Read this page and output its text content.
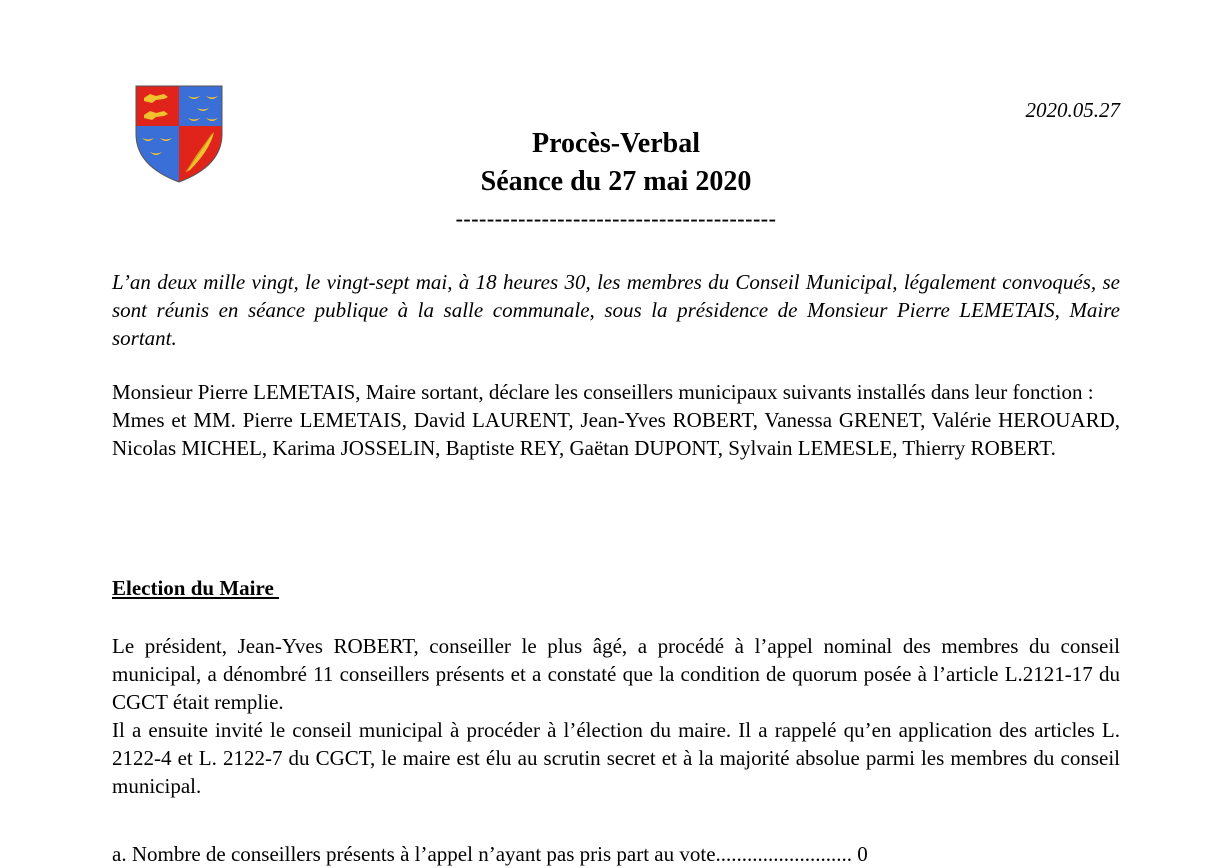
2020.05.27
Procès-Verbal
Séance du 27 mai 2020
-----------------------------------------

L’an deux mille vingt, le vingt-sept mai, à 18 heures 30, les membres du Conseil Municipal, légalement convoqués, se sont réunis en séance publique à la salle communale, sous la présidence de Monsieur Pierre LEMETAIS, Maire sortant.

Monsieur Pierre LEMETAIS, Maire sortant, déclare les conseillers municipaux suivants installés dans leur fonction :
Mmes et MM. Pierre LEMETAIS, David LAURENT, Jean-Yves ROBERT, Vanessa GRENET, Valérie HEROUARD, Nicolas MICHEL, Karima JOSSELIN, Baptiste REY, Gaëtan DUPONT, Sylvain LEMESLE, Thierry ROBERT.
Election du Maire
Le président, Jean-Yves ROBERT, conseiller le plus âgé, a procédé à l’appel nominal des membres du conseil municipal, a dénombré 11 conseillers présents et a constaté que la condition de quorum posée à l’article L.2121-17 du CGCT était remplie.
Il a ensuite invité le conseil municipal à procéder à l’élection du maire. Il a rappelé qu’en application des articles L. 2122-4 et L. 2122-7 du CGCT, le maire est élu au scrutin secret et à la majorité absolue parmi les membres du conseil municipal.
a. Nombre de conseillers présents à l’appel n’ayant pas pris part au vote.......................... 0
